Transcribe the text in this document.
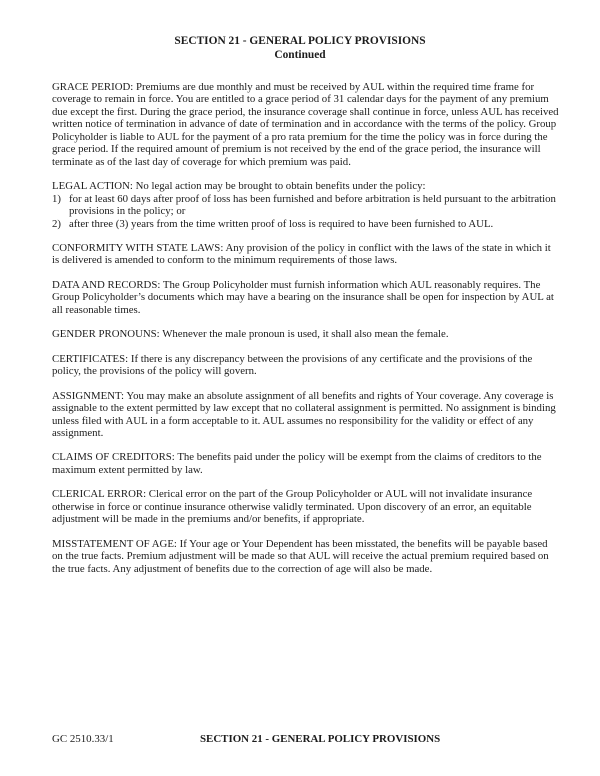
SECTION 21 - GENERAL POLICY PROVISIONS
Continued

GRACE PERIOD: Premiums are due monthly and must be received by AUL within the required time frame for coverage to remain in force. You are entitled to a grace period of 31 calendar days for the payment of any premium due except the first. During the grace period, the insurance coverage shall continue in force, unless AUL has received written notice of termination in advance of date of termination and in accordance with the terms of the policy. Group Policyholder is liable to AUL for the payment of a pro rata premium for the time the policy was in force during the grace period. If the required amount of premium is not received by the end of the grace period, the insurance will terminate as of the last day of coverage for which premium was paid.

LEGAL ACTION: No legal action may be brought to obtain benefits under the policy:

1) for at least 60 days after proof of loss has been furnished and before arbitration is held pursuant to the arbitration provisions in the policy; or
2) after three (3) years from the time written proof of loss is required to have been furnished to AUL.

CONFORMITY WITH STATE LAWS: Any provision of the policy in conflict with the laws of the state in which it is delivered is amended to conform to the minimum requirements of those laws.

DATA AND RECORDS: The Group Policyholder must furnish information which AUL reasonably requires. The Group Policyholder’s documents which may have a bearing on the insurance shall be open for inspection by AUL at all reasonable times.

GENDER PRONOUNS: Whenever the male pronoun is used, it shall also mean the female.

CERTIFICATES: If there is any discrepancy between the provisions of any certificate and the provisions of the policy, the provisions of the policy will govern.

ASSIGNMENT: You may make an absolute assignment of all benefits and rights of Your coverage. Any coverage is assignable to the extent permitted by law except that no collateral assignment is permitted. No assignment is binding unless filed with AUL in a form acceptable to it. AUL assumes no responsibility for the validity or effect of any assignment.

CLAIMS OF CREDITORS: The benefits paid under the policy will be exempt from the claims of creditors to the maximum extent permitted by law.

CLERICAL ERROR: Clerical error on the part of the Group Policyholder or AUL will not invalidate insurance otherwise in force or continue insurance otherwise validly terminated. Upon discovery of an error, an equitable adjustment will be made in the premiums and/or benefits, if appropriate.

MISSTATEMENT OF AGE: If Your age or Your Dependent has been misstated, the benefits will be payable based on the true facts. Premium adjustment will be made so that AUL will receive the actual premium required based on the true facts. Any adjustment of benefits due to the correction of age will also be made.

GC 2510.33/1	SECTION 21 - GENERAL POLICY PROVISIONS
